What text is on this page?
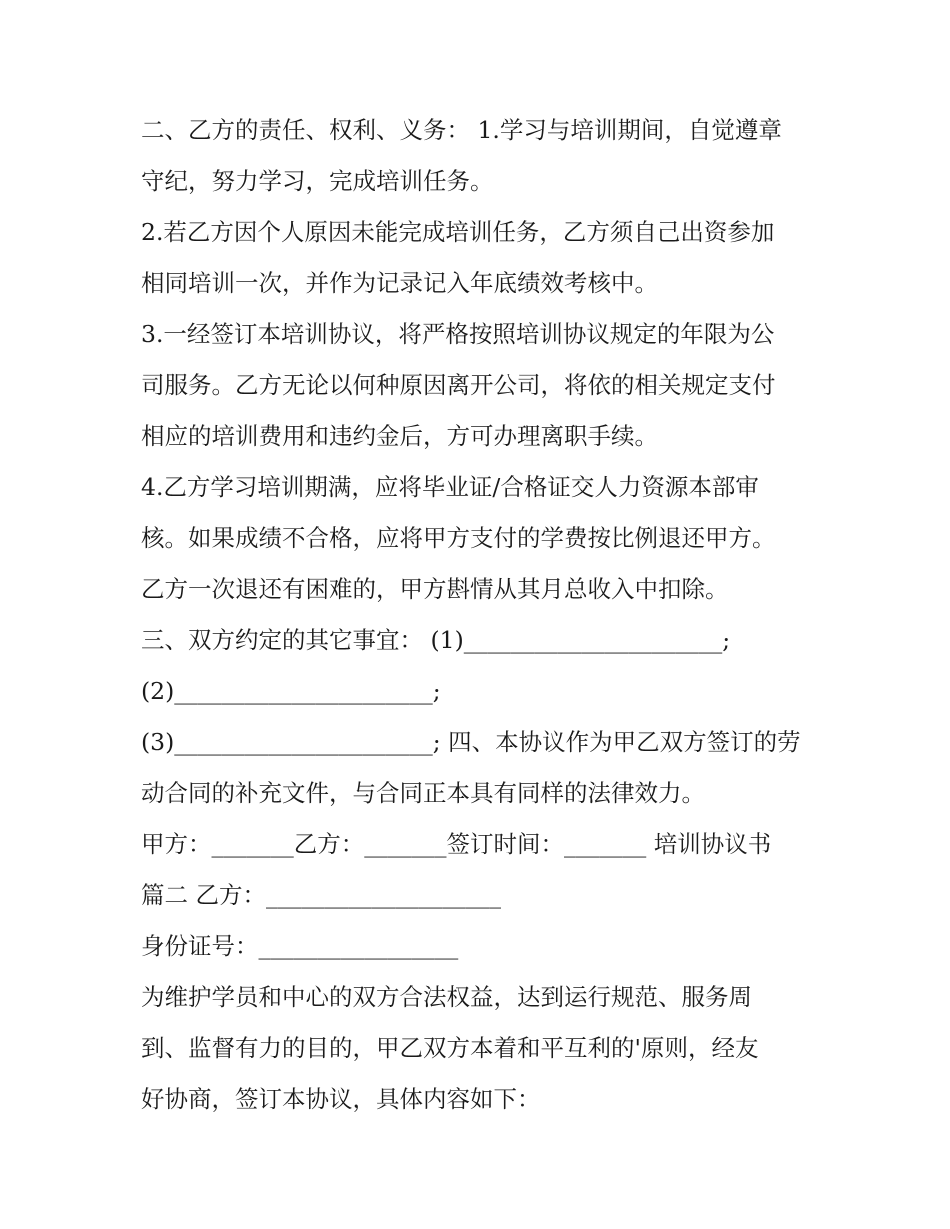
二、乙方的责任、权利、义务： 1.学习与培训期间，自觉遵章
守纪，努力学习，完成培训任务。
2.若乙方因个人原因未能完成培训任务，乙方须自己出资参加
相同培训一次，并作为记录记入年底绩效考核中。
3.一经签订本培训协议，将严格按照培训协议规定的年限为公
司服务。乙方无论以何种原因离开公司，将依的相关规定支付
相应的培训费用和违约金后，方可办理离职手续。
4.乙方学习培训期满，应将毕业证/合格证交人力资源本部审
核。如果成绩不合格，应将甲方支付的学费按比例退还甲方。
乙方一次退还有困难的，甲方斟情从其月总收入中扣除。
三、双方约定的其它事宜： (1)______________________;
(2)______________________;
(3)______________________; 四、本协议作为甲乙双方签订的劳
动合同的补充文件，与合同正本具有同样的法律效力。
甲方：_______乙方：_______签订时间：_______ 培训协议书
篇二 乙方：____________________
身份证号：_________________
为维护学员和中心的双方合法权益，达到运行规范、服务周
到、监督有力的目的，甲乙双方本着和平互利的'原则，经友
好协商，签订本协议，具体内容如下：
